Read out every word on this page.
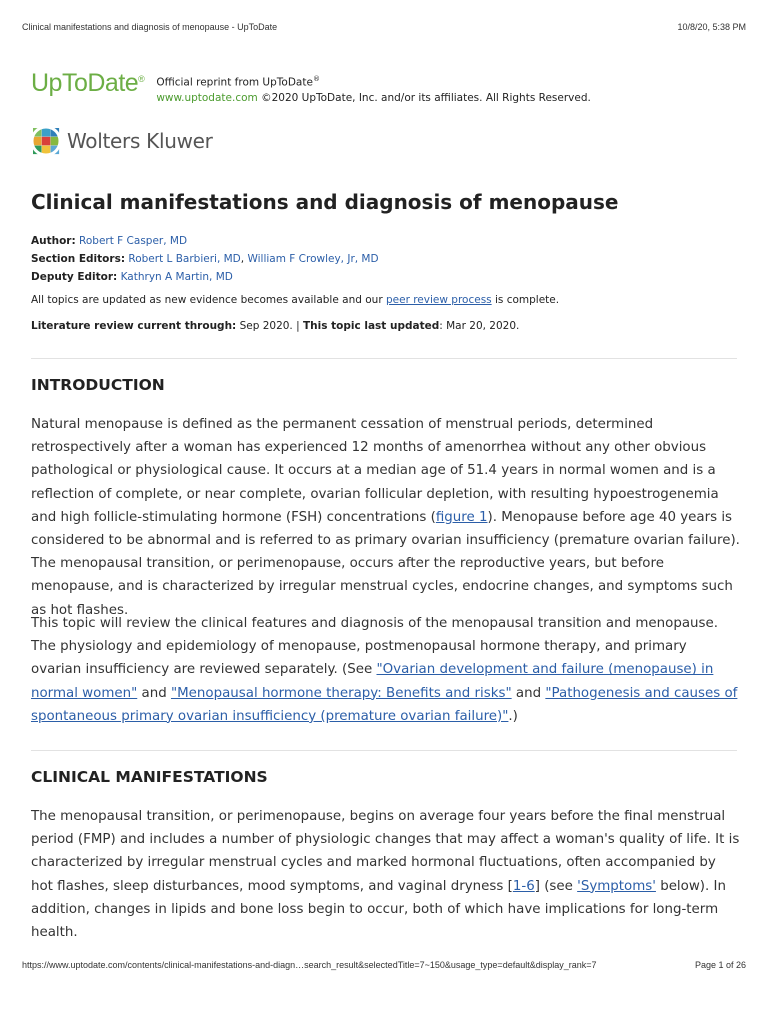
Clinical manifestations and diagnosis of menopause - UpToDate	10/8/20, 5:38 PM
UpToDate® Official reprint from UpToDate®
www.uptodate.com ©2020 UpToDate, Inc. and/or its affiliates. All Rights Reserved.
Wolters Kluwer
Clinical manifestations and diagnosis of menopause
Author: Robert F Casper, MD
Section Editors: Robert L Barbieri, MD, William F Crowley, Jr, MD
Deputy Editor: Kathryn A Martin, MD
All topics are updated as new evidence becomes available and our peer review process is complete.
Literature review current through: Sep 2020. | This topic last updated: Mar 20, 2020.
INTRODUCTION

Natural menopause is defined as the permanent cessation of menstrual periods, determined retrospectively after a woman has experienced 12 months of amenorrhea without any other obvious pathological or physiological cause. It occurs at a median age of 51.4 years in normal women and is a reflection of complete, or near complete, ovarian follicular depletion, with resulting hypoestrogenemia and high follicle-stimulating hormone (FSH) concentrations (figure 1). Menopause before age 40 years is considered to be abnormal and is referred to as primary ovarian insufficiency (premature ovarian failure). The menopausal transition, or perimenopause, occurs after the reproductive years, but before menopause, and is characterized by irregular menstrual cycles, endocrine changes, and symptoms such as hot flashes.

This topic will review the clinical features and diagnosis of the menopausal transition and menopause. The physiology and epidemiology of menopause, postmenopausal hormone therapy, and primary ovarian insufficiency are reviewed separately. (See "Ovarian development and failure (menopause) in normal women" and "Menopausal hormone therapy: Benefits and risks" and "Pathogenesis and causes of spontaneous primary ovarian insufficiency (premature ovarian failure)".)

CLINICAL MANIFESTATIONS

The menopausal transition, or perimenopause, begins on average four years before the final menstrual period (FMP) and includes a number of physiologic changes that may affect a woman's quality of life. It is characterized by irregular menstrual cycles and marked hormonal fluctuations, often accompanied by hot flashes, sleep disturbances, mood symptoms, and vaginal dryness [1-6] (see 'Symptoms' below). In addition, changes in lipids and bone loss begin to occur, both of which have implications for long-term health.

https://www.uptodate.com/contents/clinical-manifestations-and-diagn…search_result&selectedTitle=7~150&usage_type=default&display_rank=7	Page 1 of 26
